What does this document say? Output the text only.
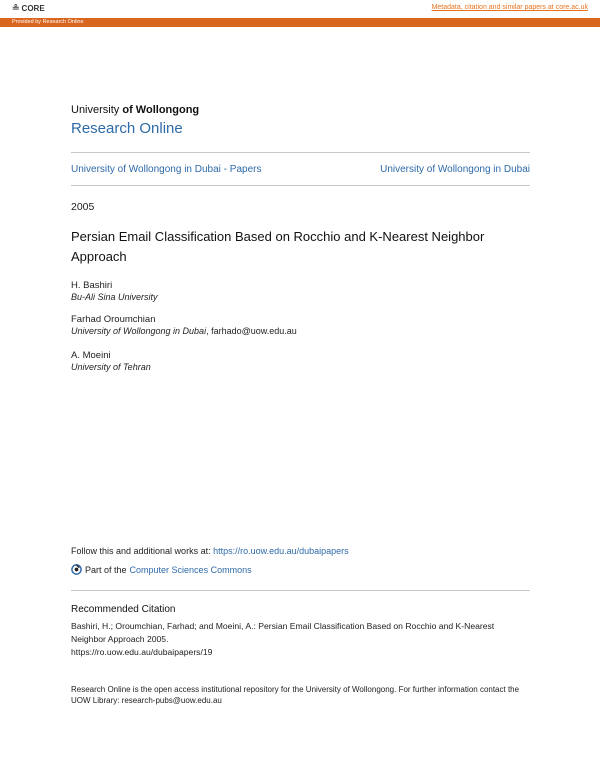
≗ CORE	Metadata, citation and similar papers at core.ac.uk
Provided by Research Online
University of Wollongong
Research Online
University of Wollongong in Dubai - Papers	University of Wollongong in Dubai
2005
Persian Email Classification Based on Rocchio and K-Nearest Neighbor Approach
H. Bashiri
Bu-Ali Sina University
Farhad Oroumchian
University of Wollongong in Dubai, farhado@uow.edu.au
A. Moeini
University of Tehran
Follow this and additional works at: https://ro.uow.edu.au/dubaipapers
Part of the Computer Sciences Commons
Recommended Citation
Bashiri, H.; Oroumchian, Farhad; and Moeini, A.: Persian Email Classification Based on Rocchio and K-Nearest Neighbor Approach 2005.
https://ro.uow.edu.au/dubaipapers/19
Research Online is the open access institutional repository for the University of Wollongong. For further information contact the UOW Library: research-pubs@uow.edu.au
